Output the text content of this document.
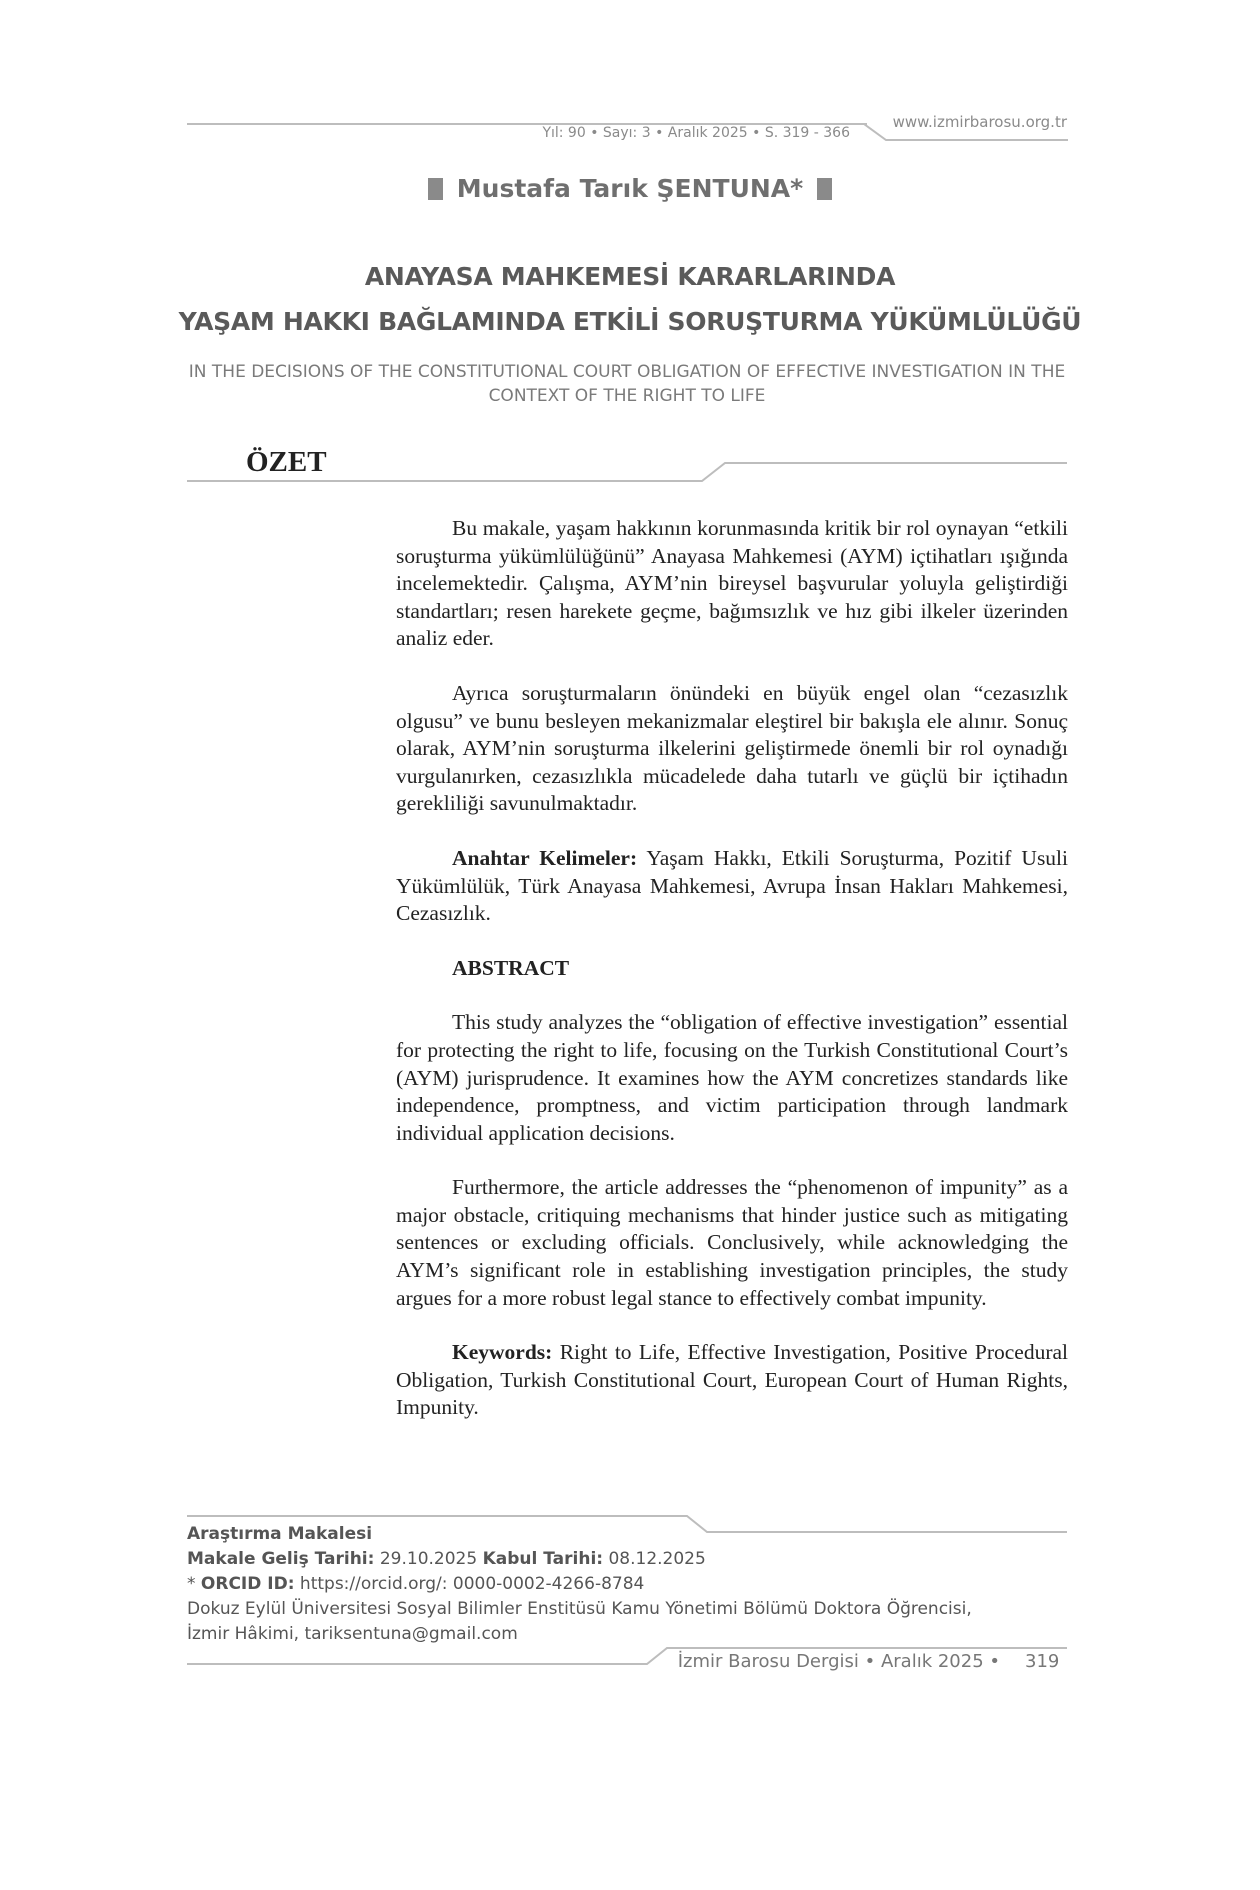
Yıl: 90 • Sayı: 3 • Aralık 2025 • S. 319 - 366
www.izmirbarosu.org.tr
Mustafa Tarık ŞENTUNA*
ANAYASA MAHKEMESİ KARARLARINDA
YAŞAM HAKKI BAĞLAMINDA ETKİLİ SORUŞTURMA YÜKÜMLÜLÜĞÜ
IN THE DECISIONS OF THE CONSTITUTIONAL COURT OBLIGATION OF EFFECTIVE INVESTIGATION IN THE CONTEXT OF THE RIGHT TO LIFE
ÖZET

Bu makale, yaşam hakkının korunmasında kritik bir rol oynayan “etkili soruşturma yükümlülüğünü” Anayasa Mahkemesi (AYM) içtihatları ışığında incelemektedir. Çalışma, AYM’nin bireysel başvurular yoluyla geliştirdiği standartları; resen harekete geçme, bağımsızlık ve hız gibi ilkeler üzerinden analiz eder.

Ayrıca soruşturmaların önündeki en büyük engel olan “cezasızlık olgusu” ve bunu besleyen mekanizmalar eleştirel bir bakışla ele alınır. Sonuç olarak, AYM’nin soruşturma ilkelerini geliştirmede önemli bir rol oynadığı vurgulanırken, cezasızlıkla mücadelede daha tutarlı ve güçlü bir içtihadın gerekliliği savunulmaktadır.

Anahtar Kelimeler: Yaşam Hakkı, Etkili Soruşturma, Pozitif Usuli Yükümlülük, Türk Anayasa Mahkemesi, Avrupa İnsan Hakları Mahkemesi, Cezasızlık.

ABSTRACT

This study analyzes the “obligation of effective investigation” essential for protecting the right to life, focusing on the Turkish Constitutional Court’s (AYM) jurisprudence. It examines how the AYM concretizes standards like independence, promptness, and victim participation through landmark individual application decisions.

Furthermore, the article addresses the “phenomenon of impunity” as a major obstacle, critiquing mechanisms that hinder justice such as mitigating sentences or excluding officials. Conclusively, while acknowledging the AYM’s significant role in establishing investigation principles, the study argues for a more robust legal stance to effectively combat impunity.

Keywords: Right to Life, Effective Investigation, Positive Procedural Obligation, Turkish Constitutional Court, European Court of Human Rights, Impunity.

Araştırma Makalesi
Makale Geliş Tarihi: 29.10.2025 Kabul Tarihi: 08.12.2025
* ORCID ID: https://orcid.org/: 0000-0002-4266-8784
Dokuz Eylül Üniversitesi Sosyal Bilimler Enstitüsü Kamu Yönetimi Bölümü Doktora Öğrencisi,
İzmir Hâkimi, tariksentuna@gmail.com
İzmir Barosu Dergisi • Aralık 2025 • 319
